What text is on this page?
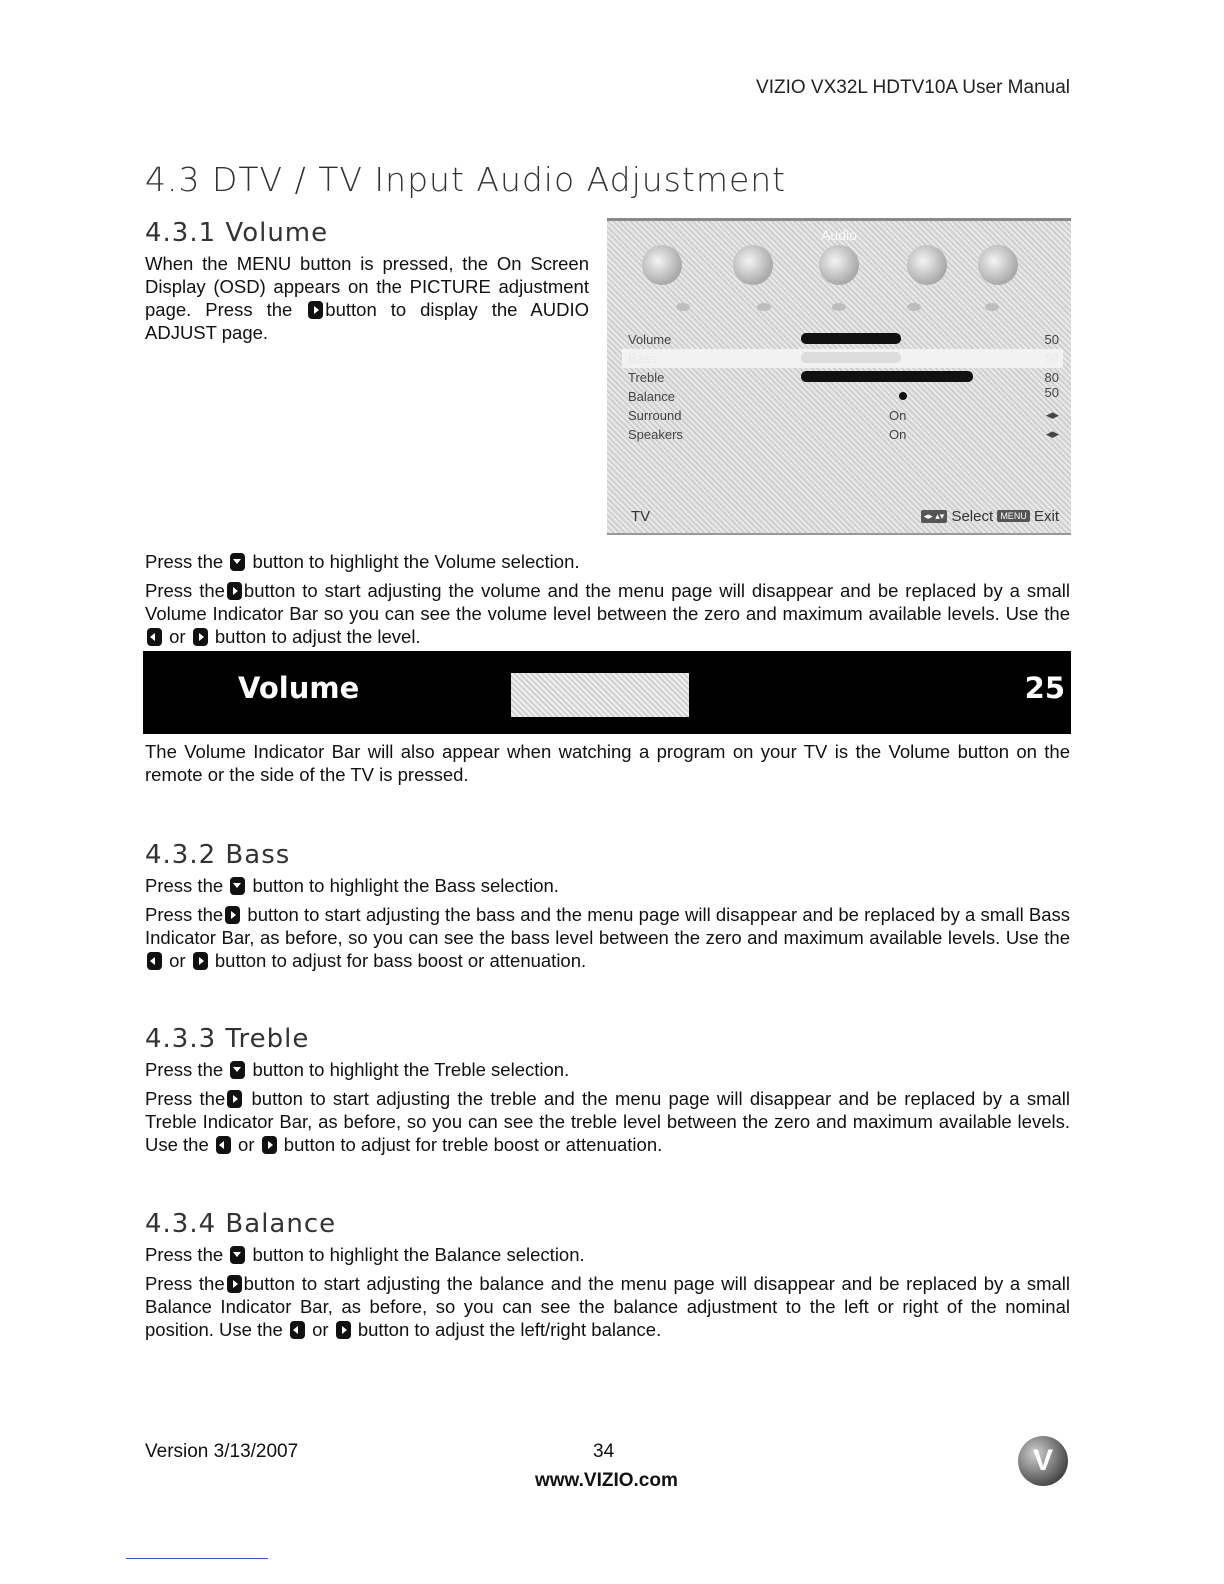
VIZIO VX32L HDTV10A User Manual
4.3 DTV / TV Input Audio Adjustment
4.3.1 Volume
When the MENU button is pressed, the On Screen Display (OSD) appears on the PICTURE adjustment page. Press the button to display the AUDIO ADJUST page.
Audio
Volume	50
Bass	50
Treble	80
Balance	50
Surround	On	◂▸
Speakers	On	◂▸
TV	◂▸ ▴▾ Select MENU Exit
Press the button to highlight the Volume selection.
Press the button to start adjusting the volume and the menu page will disappear and be replaced by a small Volume Indicator Bar so you can see the volume level between the zero and maximum available levels. Use the  or button to adjust the level.
Volume	25
The Volume Indicator Bar will also appear when watching a program on your TV is the Volume button on the remote or the side of the TV is pressed.
4.3.2 Bass
Press the button to highlight the Bass selection.
Press the button to start adjusting the bass and the menu page will disappear and be replaced by a small Bass Indicator Bar, as before, so you can see the bass level between the zero and maximum available levels. Use the  or button to adjust for bass boost or attenuation.
4.3.3 Treble
Press the button to highlight the Treble selection.
Press the button to start adjusting the treble and the menu page will disappear and be replaced by a small Treble Indicator Bar, as before, so you can see the treble level between the zero and maximum available levels. Use the or button to adjust for treble boost or attenuation.
4.3.4 Balance
Press the button to highlight the Balance selection.
Press the button to start adjusting the balance and the menu page will disappear and be replaced by a small Balance Indicator Bar, as before, so you can see the balance adjustment to the left or right of the nominal position. Use the or button to adjust the left/right balance.
Version 3/13/2007	34
www.VIZIO.com
V
